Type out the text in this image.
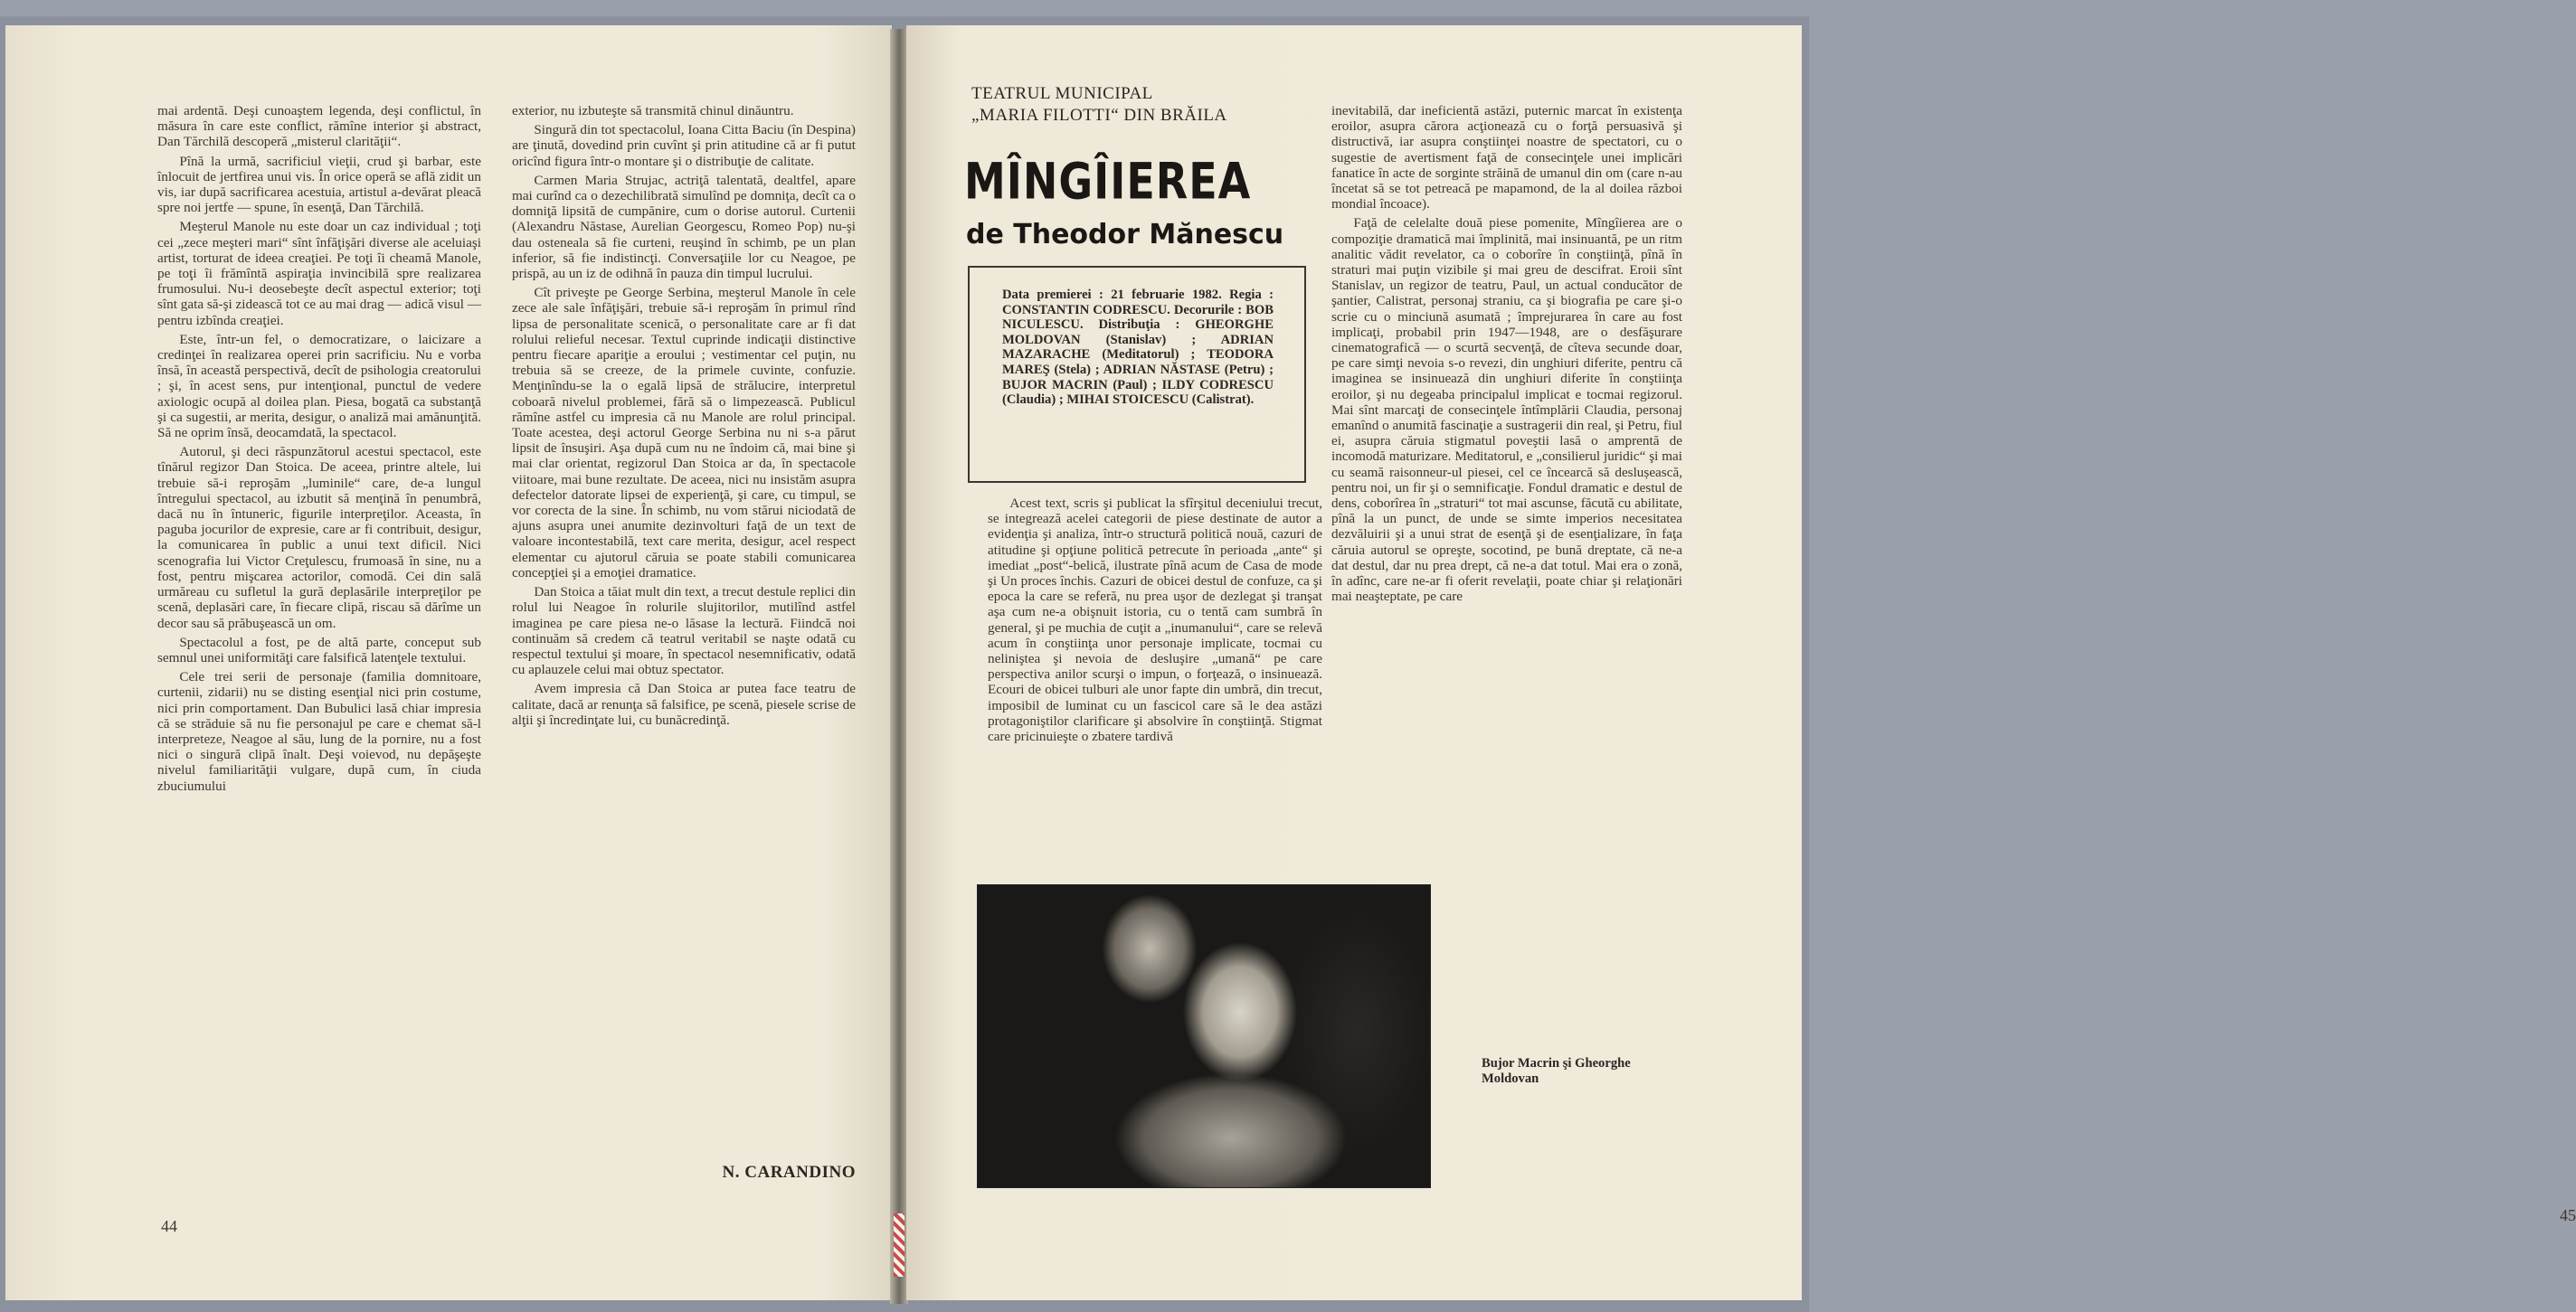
mai ardentă. Deşi cunoaştem legenda, deşi conflictul, în măsura în care este conflict, rămîne interior şi abstract, Dan Tărchilă descoperă „misterul clarităţii“.

Pînă la urmă, sacrificiul vieţii, crud şi barbar, este înlocuit de jertfirea unui vis. În orice operă se află zidit un vis, iar după sacrificarea acestuia, artistul a-devărat pleacă spre noi jertfe — spune, în esenţă, Dan Tărchilă.

Meşterul Manole nu este doar un caz individual ; toţi cei „zece meşteri mari“ sînt înfăţişări diverse ale aceluiaşi artist, torturat de ideea creaţiei. Pe toţi îi cheamă Manole, pe toţi îi frămîntă aspiraţia invincibilă spre realizarea frumosului. Nu-i deosebeşte decît aspectul exterior; toţi sînt gata să-şi zidească tot ce au mai drag — adică visul — pentru izbînda creaţiei.

Este, într-un fel, o democratizare, o laicizare a credinţei în realizarea operei prin sacrificiu. Nu e vorba însă, în aceastǎ perspectivă, decît de psihologia creatorului ; şi, în acest sens, pur intenţional, punctul de vedere axiologic ocupă al doilea plan. Piesa, bogată ca substanţă şi ca sugestii, ar merita, desigur, o analiză mai amănunţită. Să ne oprim însă, deocamdată, la spectacol.

Autorul, şi deci răspunzătorul acestui spectacol, este tînărul regizor Dan Stoica. De aceea, printre altele, lui trebuie să-i reproşăm „luminile“ care, de-a lungul întregului spectacol, au izbutit să menţină în penumbră, dacă nu în întuneric, figurile interpreţilor. Aceasta, în paguba jocurilor de expresie, care ar fi contribuit, desigur, la comunicarea în public a unui text dificil. Nici scenografia lui Victor Creţulescu, frumoasă în sine, nu a fost, pentru mişcarea actorilor, comodă. Cei din sală urmăreau cu sufletul la gură deplasările interpreţilor pe scenă, deplasări care, în fiecare clipă, riscau să dărîme un decor sau să prăbuşească un om.

Spectacolul a fost, pe de altă parte, conceput sub semnul unei uniformităţi care falsifică latenţele textului.

Cele trei serii de personaje (familia domnitoare, curtenii, zidarii) nu se disting esenţial nici prin costume, nici prin comportament. Dan Bubulici lasă chiar impresia că se străduie să nu fie personajul pe care e chemat să-l interpreteze, Neagoe al său, lung de la pornire, nu a fost nici o singură clipă înalt. Deşi voievod, nu depăşeşte nivelul familiarităţii vulgare, după cum, în ciuda zbuciumului

exterior, nu izbuteşte să transmită chinul dinăuntru.

Singură din tot spectacolul, Ioana Citta Baciu (în Despina) are ţinută, dovedind prin cuvînt şi prin atitudine că ar fi putut oricînd figura într-o montare şi o distribuţie de calitate.

Carmen Maria Strujac, actriţă talentată, dealtfel, apare mai curînd ca o dezechilibrată simulînd pe domniţa, decît ca o domniţă lipsită de cumpănire, cum o dorise autorul. Curtenii (Alexandru Năstase, Aurelian Georgescu, Romeo Pop) nu-şi dau osteneala să fie curteni, reuşind în schimb, pe un plan inferior, să fie indistincţi. Conversaţiile lor cu Neagoe, pe prispă, au un iz de odihnă în pauza din timpul lucrului.

Cît priveşte pe George Serbina, meşterul Manole în cele zece ale sale înfăţişări, trebuie să-i reproşăm în primul rînd lipsa de personalitate scenică, o personalitate care ar fi dat rolului relieful necesar. Textul cuprinde indicaţii distinctive pentru fiecare apariţie a eroului ; vestimentar cel puţin, nu trebuia să se creeze, de la primele cuvinte, confuzie. Menţinîndu-se la o egală lipsă de strălucire, interpretul coboară nivelul problemei, fără să o limpezească. Publicul rămîne astfel cu impresia că nu Manole are rolul principal. Toate acestea, deşi actorul George Serbina nu ni s-a părut lipsit de însuşiri. Aşa după cum nu ne îndoim că, mai bine şi mai clar orientat, regizorul Dan Stoica ar da, în spectacole viitoare, mai bune rezultate. De aceea, nici nu insistăm asupra defectelor datorate lipsei de experienţă, şi care, cu timpul, se vor corecta de la sine. În schimb, nu vom stărui niciodată de ajuns asupra unei anumite dezinvolturi faţă de un text de valoare incontestabilă, text care merita, desigur, acel respect elementar cu ajutorul căruia se poate stabili comunicarea concepţiei şi a emoţiei dramatice.

Dan Stoica a tăiat mult din text, a trecut destule replici din rolul lui Neagoe în rolurile slujitorilor, mutilînd astfel imaginea pe care piesa ne-o lăsase la lectură. Fiindcă noi continuăm să credem că teatrul veritabil se naşte odată cu respectul textului şi moare, în spectacol nesemnificativ, odată cu aplauzele celui mai obtuz spectator.

Avem impresia că Dan Stoica ar putea face teatru de calitate, dacă ar renunţa să falsifice, pe scenă, piesele scrise de alţii şi încredinţate lui, cu bunăcredinţă.

N. CARANDINO
44
TEATRUL MUNICIPAL
„MARIA FILOTTI“ DIN BRĂILA
MÎNGÎIEREA
de Theodor Mănescu

Data premierei : 21 februarie 1982. Regia : CONSTANTIN CODRESCU. Decorurile : BOB NICULESCU. Distribuţia : GHEORGHE MOLDOVAN (Stanislav) ; ADRIAN MAZARACHE (Meditatorul) ; TEODORA MAREŞ (Stela) ; ADRIAN NĂSTASE (Petru) ; BUJOR MACRIN (Paul) ; ILDY CODRESCU (Claudia) ; MIHAI STOICESCU (Calistrat).

Acest text, scris şi publicat la sfîrşitul deceniului trecut, se integrează acelei categorii de piese destinate de autor a evidenţia şi analiza, într-o structură politică nouă, cazuri de atitudine şi opţiune politică petrecute în perioada „ante“ şi imediat „post“-belică, ilustrate pînă acum de Casa de mode şi Un proces închis. Cazuri de obicei destul de confuze, ca şi epoca la care se referă, nu prea uşor de dezlegat şi tranşat aşa cum ne-a obişnuit istoria, cu o tentă cam sumbră în general, şi pe muchia de cuţit a „inumanului“, care se relevă acum în conştiinţa unor personaje implicate, tocmai cu neliniştea şi nevoia de desluşire „umană“ pe care perspectiva anilor scurşi o impun, o forţează, o insinuează. Ecouri de obicei tulburi ale unor fapte din umbră, din trecut, imposibil de luminat cu un fascicol care să le dea astăzi protagoniştilor clarificare şi absolvire în conştiinţă. Stigmat care pricinuieşte o zbatere tardivă

Bujor Macrin şi Gheorghe Moldovan

inevitabilă, dar ineficientă astăzi, puternic marcat în existenţa eroilor, asupra cărora acţionează cu o forţă persuasivă şi distructivă, iar asupra conştiinţei noastre de spectatori, cu o sugestie de avertisment faţă de consecinţele unei implicări fanatice în acte de sorginte străină de umanul din om (care n-au încetat să se tot petreacă pe mapamond, de la al doilea război mondial încoace).

Faţă de celelalte două piese pomenite, Mîngîierea are o compoziţie dramatică mai împlinită, mai insinuantă, pe un ritm analitic vădit revelator, ca o coborîre în conştiinţă, pînă în straturi mai puţin vizibile şi mai greu de descifrat. Eroii sînt Stanislav, un regizor de teatru, Paul, un actual conducător de şantier, Calistrat, personaj straniu, ca şi biografia pe care şi-o scrie cu o minciună asumată ; împrejurarea în care au fost implicaţi, probabil prin 1947—1948, are o desfăşurare cinematografică — o scurtă secvenţă, de cîteva secunde doar, pe care simţi nevoia s-o revezi, din unghiuri diferite, pentru că imaginea se insinuează din unghiuri diferite în conştiinţa eroilor, şi nu degeaba principalul implicat e tocmai regizorul. Mai sînt marcaţi de consecinţele întîmplării Claudia, personaj emanînd o anumită fascinaţie a sustragerii din real, şi Petru, fiul ei, asupra căruia stigmatul poveştii lasă o amprentă de incomodă maturizare. Meditatorul, e „consilierul juridic“ şi mai cu seamă raisonneur-ul piesei, cel ce încearcă să deslușească, pentru noi, un fir şi o semnificaţie. Fondul dramatic e destul de dens, coborîrea în „straturi“ tot mai ascunse, făcută cu abilitate, pînă la un punct, de unde se simte imperios necesitatea dezvăluirii şi a unui strat de esenţă şi de esenţializare, în faţa căruia autorul se opreşte, socotind, pe bună dreptate, că ne-a dat destul, dar nu prea drept, că ne-a dat totul. Mai era o zonă, în adînc, care ne-ar fi oferit revelaţii, poate chiar şi relaţionări mai neaşteptate, pe care

45
